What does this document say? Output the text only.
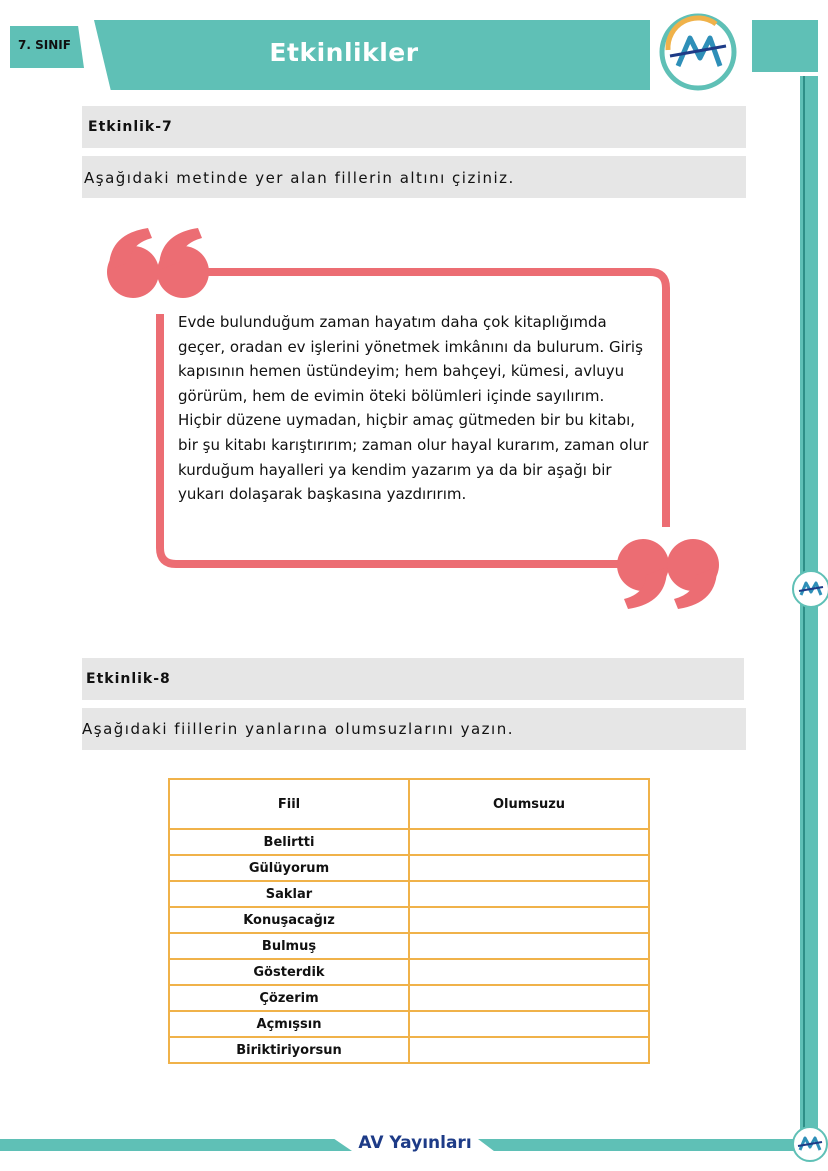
7. SINIF	Etkinlikler
Etkinlik-7
Aşağıdaki metinde yer alan fillerin altını çiziniz.
Evde bulunduğum zaman hayatım daha çok kitaplığımda
geçer, oradan ev işlerini yönetmek imkânını da bulurum. Giriş
kapısının hemen üstündeyim; hem bahçeyi, kümesi, avluyu
görürüm, hem de evimin öteki bölümleri içinde sayılırım.
Hiçbir düzene uymadan, hiçbir amaç gütmeden bir bu kitabı,
bir şu kitabı karıştırırım; zaman olur hayal kurarım, zaman olur
kurduğum hayalleri ya kendim yazarım ya da bir aşağı bir
yukarı dolaşarak başkasına yazdırırım.
Etkinlik-8
Aşağıdaki fiillerin yanlarına olumsuzlarını yazın.
Fiil	Olumsuzu
Belirtti	
Gülüyorum	
Saklar	
Konuşacağız	
Bulmuş	
Gösterdik	
Çözerim	
Açmışsın	
Biriktiriyorsun	
AV Yayınları
